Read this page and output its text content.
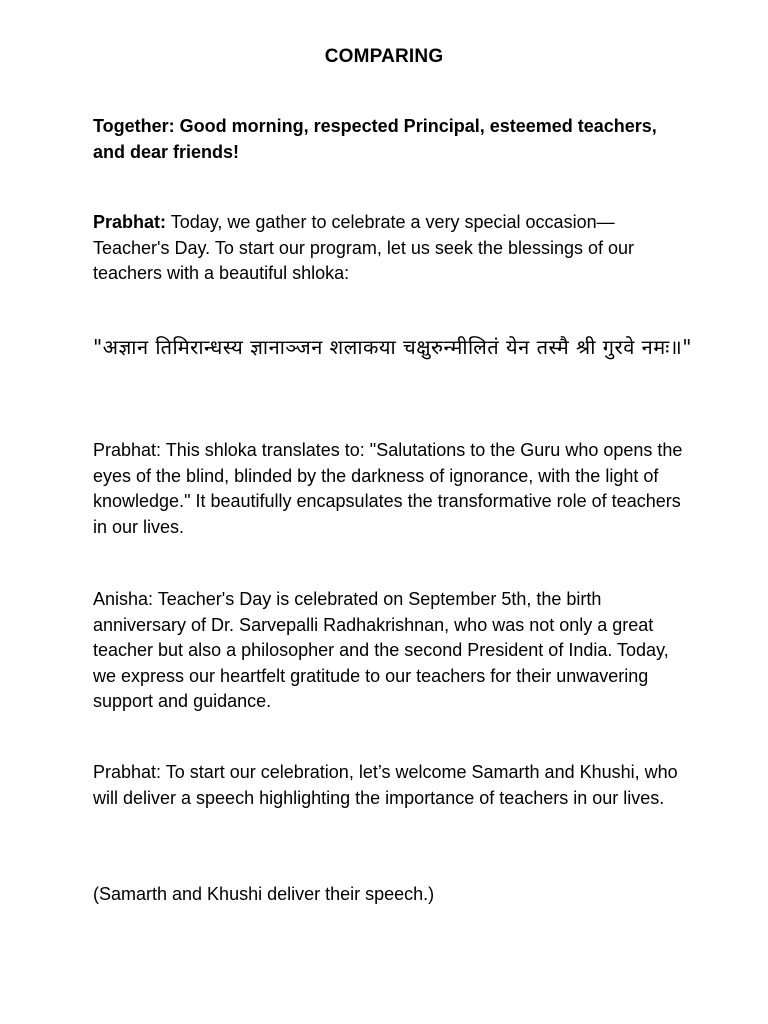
COMPARING
Together: Good morning, respected Principal, esteemed teachers, and dear friends!
Prabhat: Today, we gather to celebrate a very special occasion—Teacher's Day. To start our program, let us seek the blessings of our teachers with a beautiful shloka:
"अज्ञान तिमिरान्धस्य ज्ञानाञ्जन शलाकया चक्षुरुन्मीलितं येन तस्मै श्री गुरवे नमः॥"
Prabhat: This shloka translates to: "Salutations to the Guru who opens the eyes of the blind, blinded by the darkness of ignorance, with the light of knowledge." It beautifully encapsulates the transformative role of teachers in our lives.
Anisha: Teacher's Day is celebrated on September 5th, the birth anniversary of Dr. Sarvepalli Radhakrishnan, who was not only a great teacher but also a philosopher and the second President of India. Today, we express our heartfelt gratitude to our teachers for their unwavering support and guidance.
Prabhat: To start our celebration, let’s welcome Samarth and Khushi, who will deliver a speech highlighting the importance of teachers in our lives.
(Samarth and Khushi deliver their speech.)
